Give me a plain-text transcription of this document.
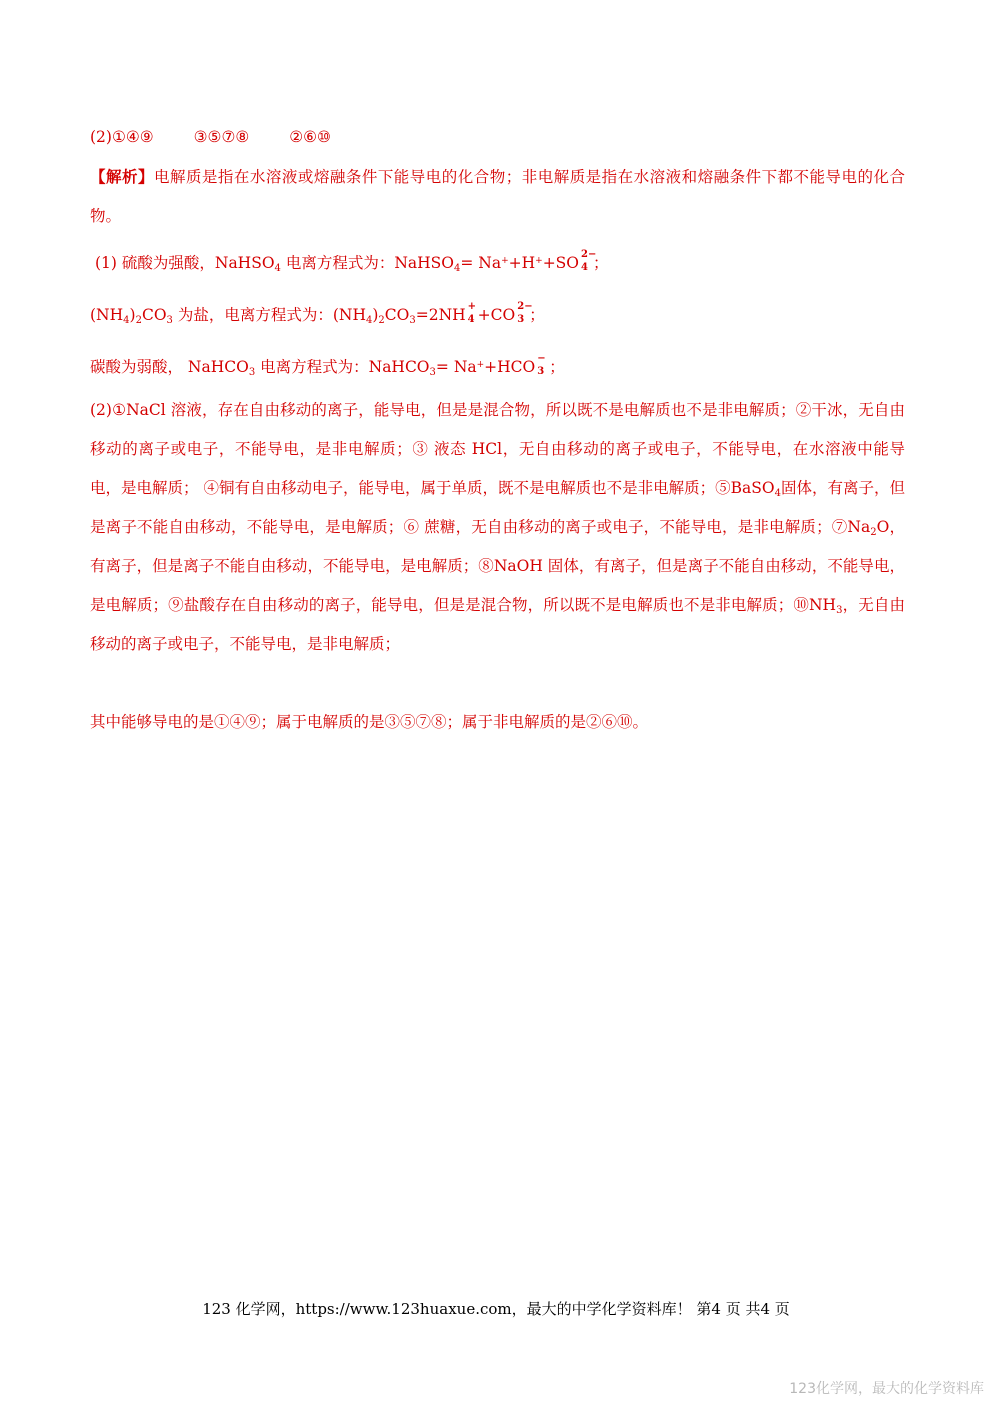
(2)①④⑨	③⑤⑦⑧	②⑥⑩
【解析】电解质是指在水溶液或熔融条件下能导电的化合物；非电解质是指在水溶液和熔融条件下都不能导电的化合物。
(1) 硫酸为强酸，NaHSO$_4$ 电离方程式为：NaHSO$_4$= Na++H++SO 2−
4 ；
$(NH_4)_2CO_3$ 为盐，电离方程式为：$(NH_4)_2CO_3=2NH$ +
4 +CO 2−
3 ；
碳酸为弱酸， NaHCO$_3$ 电离方程式为：NaHCO$_3$= Na++HCO −
3 ；
(2)①NaCl 溶液，存在自由移动的离子，能导电，但是是混合物，所以既不是电解质也不是非电解质；②干冰，无自由移动的离子或电子，不能导电，是非电解质；③ 液态 HCl，无自由移动的离子或电子，不能导电，在水溶液中能导电，是电解质； ④铜有自由移动电子，能导电，属于单质，既不是电解质也不是非电解质；⑤BaSO$_4$固体，有离子，但是离子不能自由移动，不能导电，是电解质；⑥ 蔗糖，无自由移动的离子或电子，不能导电，是非电解质；$⑦Na_2O$，有离子，但是离子不能自由移动，不能导电，是电解质；⑧NaOH 固体，有离子，但是离子不能自由移动，不能导电，是电解质；⑨盐酸存在自由移动的离子，能导电，但是是混合物，所以既不是电解质也不是非电解质；$⑩NH_3$，无自由移动的离子或电子，不能导电，是非电解质；
其中能够导电的是①④⑨；属于电解质的是③⑤⑦⑧；属于非电解质的是②⑥⑩。
123 化学网，https://www.123huaxue.com，最大的中学化学资料库！ 第4 页 共4 页
123化学网，最大的化学资料库
